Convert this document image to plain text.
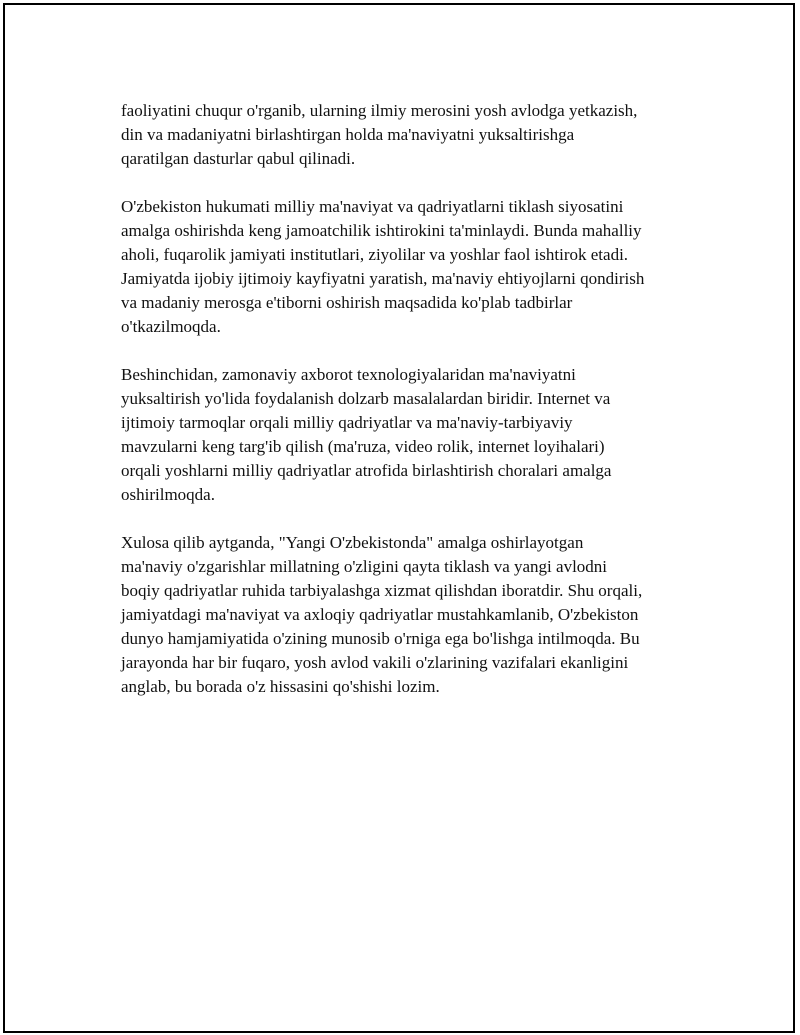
faoliyatini chuqur o'rganib, ularning ilmiy merosini yosh avlodga yetkazish,
din va madaniyatni birlashtirgan holda ma'naviyatni yuksaltirishga
qaratilgan dasturlar qabul qilinadi.

O'zbekiston hukumati milliy ma'naviyat va qadriyatlarni tiklash siyosatini
amalga oshirishda keng jamoatchilik ishtirokini ta'minlaydi. Bunda mahalliy
aholi, fuqarolik jamiyati institutlari, ziyolilar va yoshlar faol ishtirok etadi.
Jamiyatda ijobiy ijtimoiy kayfiyatni yaratish, ma'naviy ehtiyojlarni qondirish
va madaniy merosga e'tiborni oshirish maqsadida ko'plab tadbirlar
o'tkazilmoqda.

Beshinchidan, zamonaviy axborot texnologiyalaridan ma'naviyatni
yuksaltirish yo'lida foydalanish dolzarb masalalardan biridir. Internet va
ijtimoiy tarmoqlar orqali milliy qadriyatlar va ma'naviy-tarbiyaviy
mavzularni keng targ'ib qilish (ma'ruza, video rolik, internet loyihalari)
orqali yoshlarni milliy qadriyatlar atrofida birlashtirish choralari amalga
oshirilmoqda.

Xulosa qilib aytganda, "Yangi O'zbekistonda" amalga oshirlayotgan
ma'naviy o'zgarishlar millatning o'zligini qayta tiklash va yangi avlodni
boqiy qadriyatlar ruhida tarbiyalashga xizmat qilishdan iboratdir. Shu orqali,
jamiyatdagi ma'naviyat va axloqiy qadriyatlar mustahkamlanib, O'zbekiston
dunyo hamjamiyatida o'zining munosib o'rniga ega bo'lishga intilmoqda. Bu
jarayonda har bir fuqaro, yosh avlod vakili o'zlarining vazifalari ekanligini
anglab, bu borada o'z hissasini qo'shishi lozim.
